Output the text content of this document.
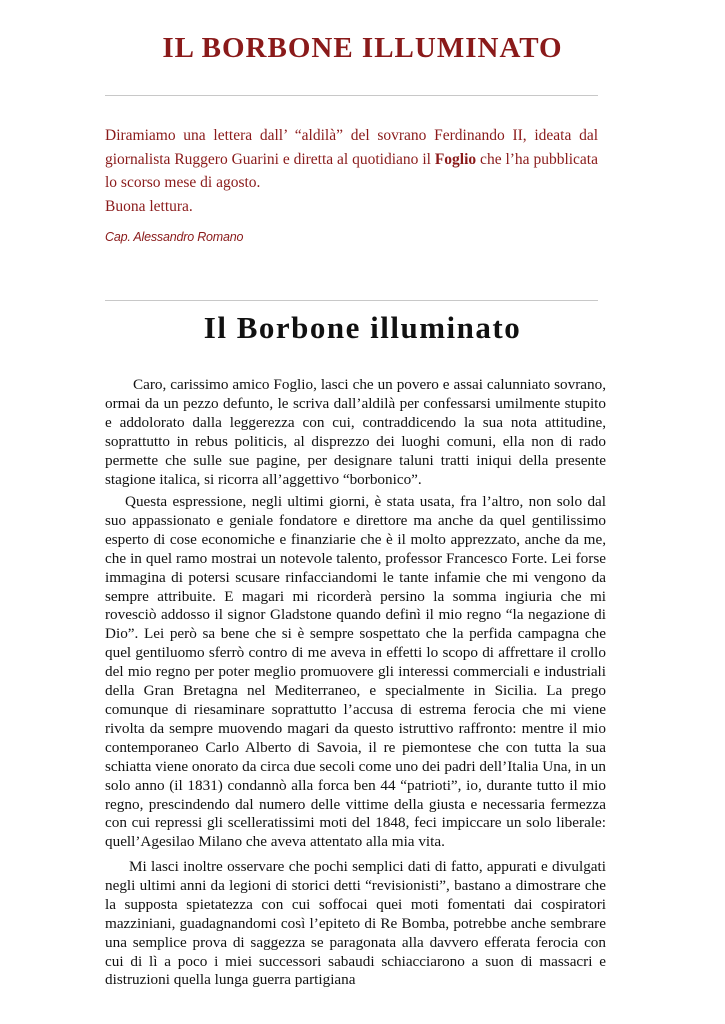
IL BORBONE ILLUMINATO

Diramiamo una lettera dall’ “aldilà” del sovrano Ferdinando II, ideata dal giornalista Ruggero Guarini e diretta al quotidiano il Foglio che l’ha pubblicata lo scorso mese di agosto.
Buona lettura.

Cap. Alessandro Romano

Il Borbone illuminato

Caro, carissimo amico Foglio, lasci che un povero e assai calunniato sovrano, ormai da un pezzo defunto, le scriva dall’aldilà per confessarsi umilmente stupito e addolorato dalla leggerezza con cui, contraddicendo la sua nota attitudine, soprattutto in rebus politicis, al disprezzo dei luoghi comuni, ella non di rado permette che sulle sue pagine, per designare taluni tratti iniqui della presente stagione italica, si ricorra all’aggettivo “borbonico”.

Questa espressione, negli ultimi giorni, è stata usata, fra l’altro, non solo dal suo appassionato e geniale fondatore e direttore ma anche da quel gentilissimo esperto di cose economiche e finanziarie che è il molto apprezzato, anche da me, che in quel ramo mostrai un notevole talento, professor Francesco Forte. Lei forse immagina di potersi scusare rinfacciandomi le tante infamie che mi vengono da sempre attribuite. E magari mi ricorderà persino la somma ingiuria che mi rovesciò addosso il signor Gladstone quando definì il mio regno “la negazione di Dio”. Lei però sa bene che si è sempre sospettato che la perfida campagna che quel gentiluomo sferrò contro di me aveva in effetti lo scopo di affrettare il crollo del mio regno per poter meglio promuovere gli interessi commerciali e industriali della Gran Bretagna nel Mediterraneo, e specialmente in Sicilia. La prego comunque di riesaminare soprattutto l’accusa di estrema ferocia che mi viene rivolta da sempre muovendo magari da questo istruttivo raffronto: mentre il mio contemporaneo Carlo Alberto di Savoia, il re piemontese che con tutta la sua schiatta viene onorato da circa due secoli come uno dei padri dell’Italia Una, in un solo anno (il 1831) condannò alla forca ben 44 “patrioti”, io, durante tutto il mio regno, prescindendo dal numero delle vittime della giusta e necessaria fermezza con cui repressi gli scelleratissimi moti del 1848, feci impiccare un solo liberale: quell’Agesilao Milano che aveva attentato alla mia vita.

Mi lasci inoltre osservare che pochi semplici dati di fatto, appurati e divulgati negli ultimi anni da legioni di storici detti “revisionisti”, bastano a dimostrare che la supposta spietatezza con cui soffocai quei moti fomentati dai cospiratori mazziniani, guadagnandomi così l’epiteto di Re Bomba, potrebbe anche sembrare una semplice prova di saggezza se paragonata alla davvero efferata ferocia con cui di lì a poco i miei successori sabaudi schiacciarono a suon di massacri e distruzioni quella lunga guerra partigiana
